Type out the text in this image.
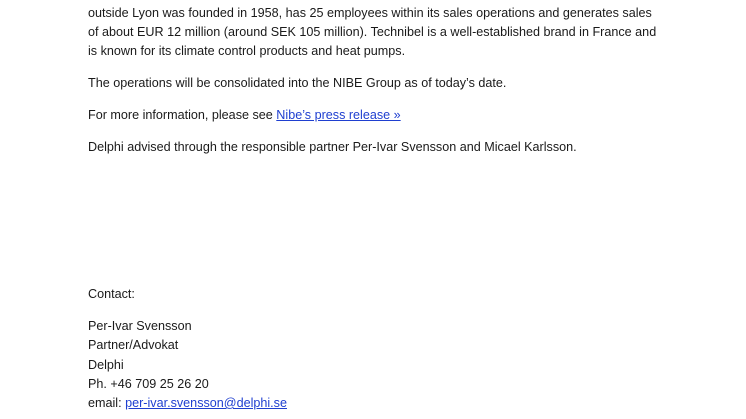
outside Lyon was founded in 1958, has 25 employees within its sales operations and generates sales
of about EUR 12 million (around SEK 105 million). Technibel is a well-established brand in France and
is known for its climate control products and heat pumps.
The operations will be consolidated into the NIBE Group as of today’s date.
For more information, please see Nibe’s press release »
Delphi advised through the responsible partner Per-Ivar Svensson and Micael Karlsson.
Contact:
Per-Ivar Svensson
Partner/Advokat
Delphi
Ph. +46 709 25 26 20
email: per-ivar.svensson@delphi.se
